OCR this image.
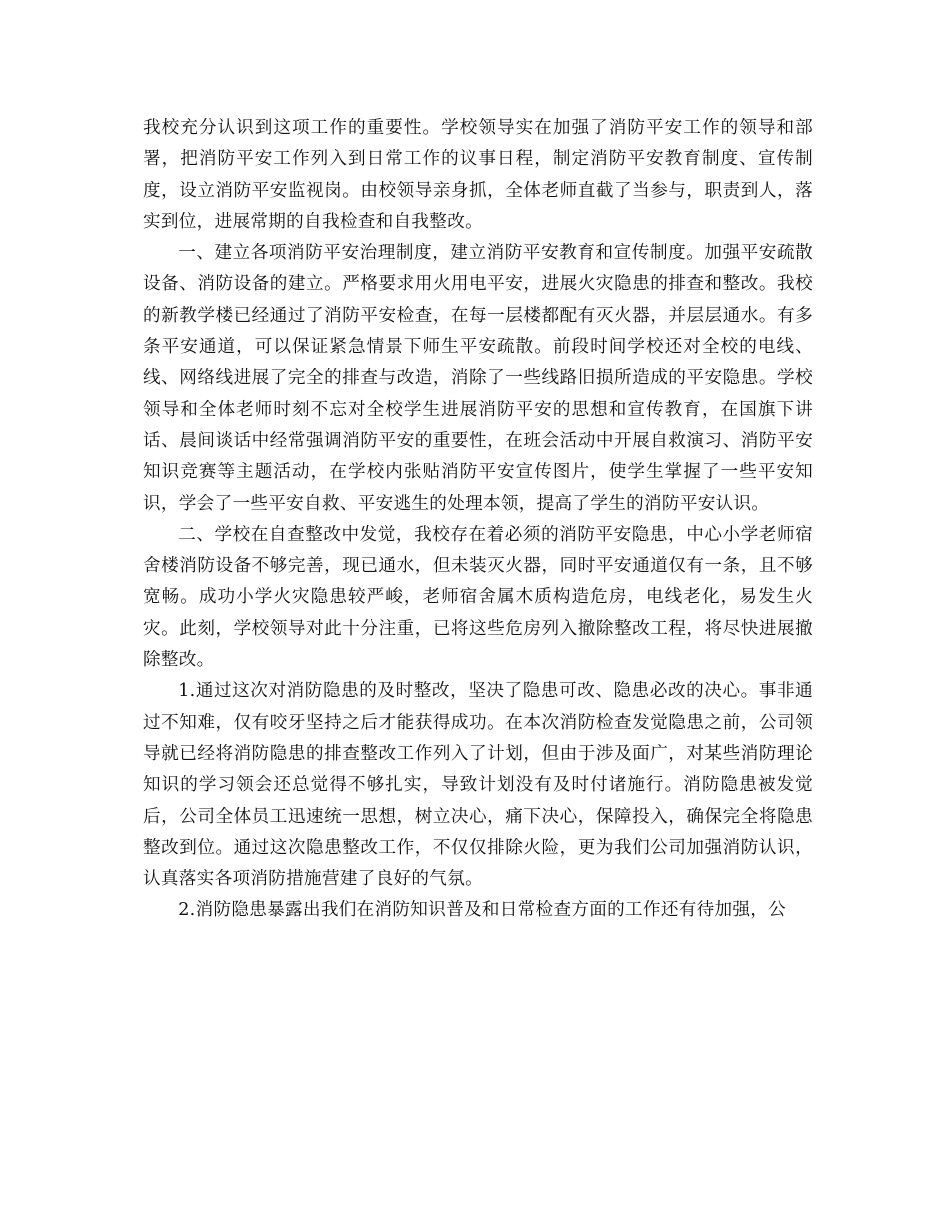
我校充分认识到这项工作的重要性。学校领导实在加强了消防平安工作的领导和部署，把消防平安工作列入到日常工作的议事日程，制定消防平安教育制度、宣传制度，设立消防平安监视岗。由校领导亲身抓，全体老师直截了当参与，职责到人，落实到位，进展常期的自我检查和自我整改。

一、建立各项消防平安治理制度，建立消防平安教育和宣传制度。加强平安疏散设备、消防设备的建立。严格要求用火用电平安，进展火灾隐患的排查和整改。我校的新教学楼已经通过了消防平安检查，在每一层楼都配有灭火器，并层层通水。有多条平安通道，可以保证紧急情景下师生平安疏散。前段时间学校还对全校的电线、线、网络线进展了完全的排查与改造，消除了一些线路旧损所造成的平安隐患。学校领导和全体老师时刻不忘对全校学生进展消防平安的思想和宣传教育，在国旗下讲话、晨间谈话中经常强调消防平安的重要性，在班会活动中开展自救演习、消防平安知识竞赛等主题活动，在学校内张贴消防平安宣传图片，使学生掌握了一些平安知识，学会了一些平安自救、平安逃生的处理本领，提高了学生的消防平安认识。

二、学校在自查整改中发觉，我校存在着必须的消防平安隐患，中心小学老师宿舍楼消防设备不够完善，现已通水，但未装灭火器，同时平安通道仅有一条，且不够宽畅。成功小学火灾隐患较严峻，老师宿舍属木质构造危房，电线老化，易发生火灾。此刻，学校领导对此十分注重，已将这些危房列入撤除整改工程，将尽快进展撤除整改。

1.通过这次对消防隐患的及时整改，坚决了隐患可改、隐患必改的决心。事非通过不知难，仅有咬牙坚持之后才能获得成功。在本次消防检查发觉隐患之前，公司领导就已经将消防隐患的排查整改工作列入了计划，但由于涉及面广，对某些消防理论知识的学习领会还总觉得不够扎实，导致计划没有及时付诸施行。消防隐患被发觉后，公司全体员工迅速统一思想，树立决心，痛下决心，保障投入，确保完全将隐患整改到位。通过这次隐患整改工作，不仅仅排除火险，更为我们公司加强消防认识，认真落实各项消防措施营建了良好的气氛。

2.消防隐患暴露出我们在消防知识普及和日常检查方面的工作还有待加强，公
